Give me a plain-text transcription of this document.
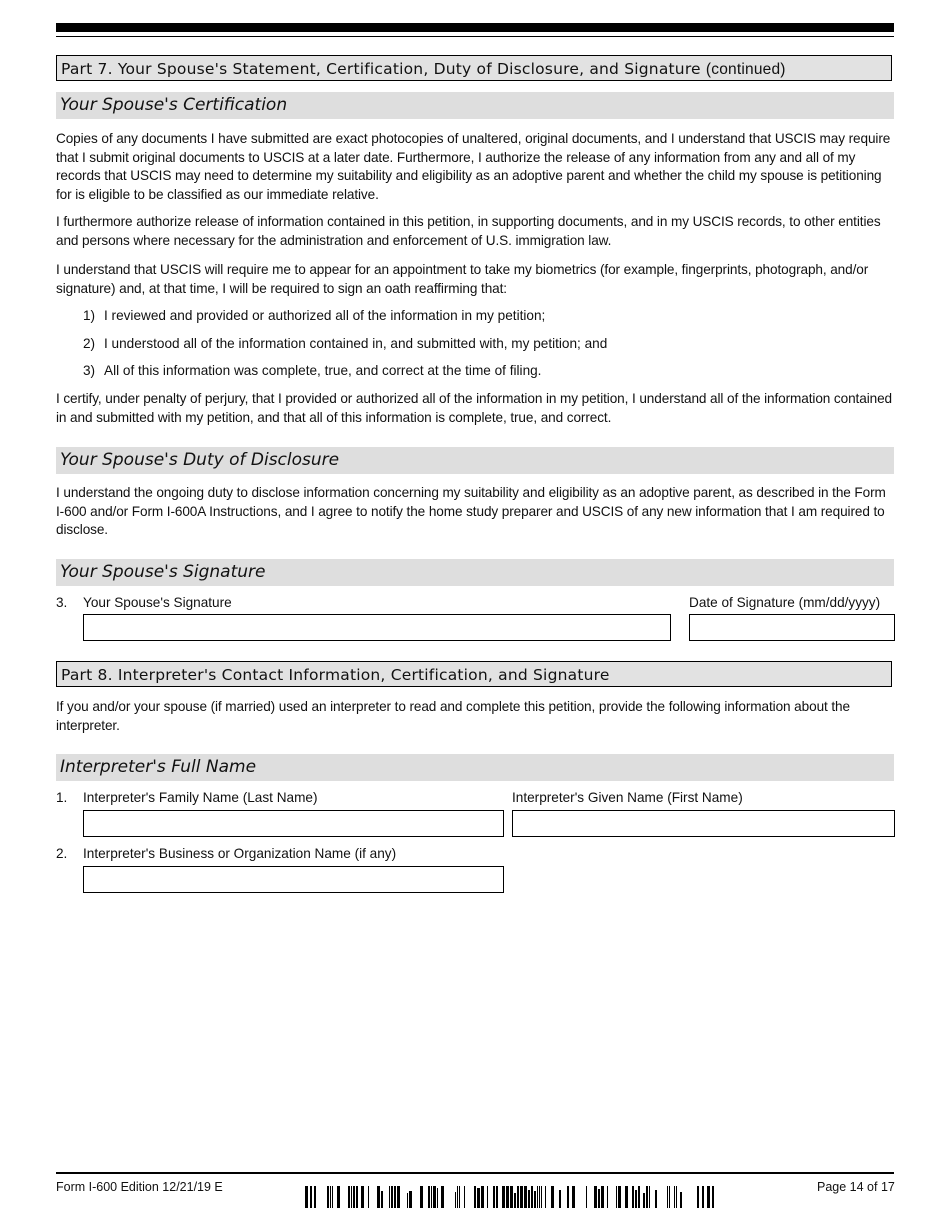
Part 7. Your Spouse's Statement, Certification, Duty of Disclosure, and Signature (continued)
Your Spouse's Certification
Copies of any documents I have submitted are exact photocopies of unaltered, original documents, and I understand that USCIS may require that I submit original documents to USCIS at a later date. Furthermore, I authorize the release of any information from any and all of my records that USCIS may need to determine my suitability and eligibility as an adoptive parent and whether the child my spouse is petitioning for is eligible to be classified as our immediate relative.
I furthermore authorize release of information contained in this petition, in supporting documents, and in my USCIS records, to other entities and persons where necessary for the administration and enforcement of U.S. immigration law.
I understand that USCIS will require me to appear for an appointment to take my biometrics (for example, fingerprints, photograph, and/or signature) and, at that time, I will be required to sign an oath reaffirming that:
1) I reviewed and provided or authorized all of the information in my petition;
2) I understood all of the information contained in, and submitted with, my petition; and
3) All of this information was complete, true, and correct at the time of filing.
I certify, under penalty of perjury, that I provided or authorized all of the information in my petition, I understand all of the information contained in and submitted with my petition, and that all of this information is complete, true, and correct.
Your Spouse's Duty of Disclosure
I understand the ongoing duty to disclose information concerning my suitability and eligibility as an adoptive parent, as described in the Form I-600 and/or Form I-600A Instructions, and I agree to notify the home study preparer and USCIS of any new information that I am required to disclose.
Your Spouse's Signature
3. Your Spouse's Signature	Date of Signature (mm/dd/yyyy)
Part 8. Interpreter's Contact Information, Certification, and Signature
If you and/or your spouse (if married) used an interpreter to read and complete this petition, provide the following information about the interpreter.
Interpreter's Full Name
1. Interpreter's Family Name (Last Name)	Interpreter's Given Name (First Name)
2. Interpreter's Business or Organization Name (if any)
Form I-600 Edition 12/21/19 E	Page 14 of 17
